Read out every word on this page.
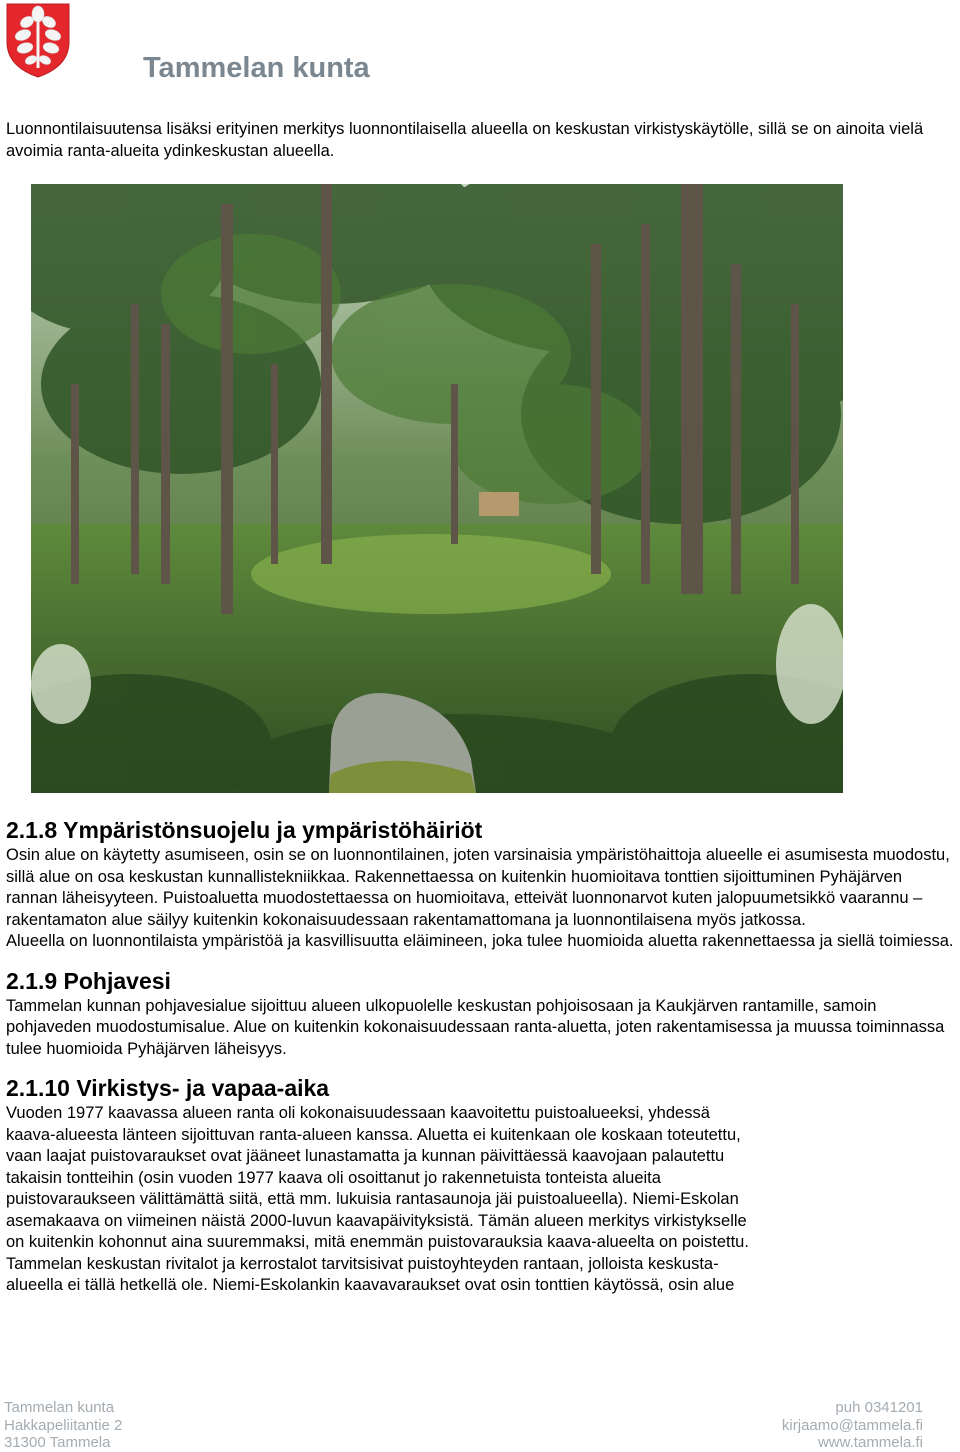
Tammelan kunta

Luonnontilaisuutensa lisäksi erityinen merkitys luonnontilaisella alueella on keskustan virkistyskäytölle, sillä se on ainoita vielä avoimia ranta-alueita ydinkeskustan alueella.

2.1.8 Ympäristönsuojelu ja ympäristöhäiriöt

Osin alue on käytetty asumiseen, osin se on luonnontilainen, joten varsinaisia ympäristöhaittoja alueelle ei asumisesta muodostu, sillä alue on osa keskustan kunnallistekniikkaa. Rakennettaessa on kuitenkin huomioitava tonttien sijoittuminen Pyhäjärven rannan läheisyyteen. Puistoaluetta muodostettaessa on huomioitava, etteivät luonnonarvot kuten jalopuumetsikkö vaarannu – rakentamaton alue säilyy kuitenkin kokonaisuudessaan rakentamattomana ja luonnontilaisena myös jatkossa.

Alueella on luonnontilaista ympäristöä ja kasvillisuutta eläimineen, joka tulee huomioida aluetta rakennettaessa ja siellä toimiessa.

2.1.9 Pohjavesi

Tammelan kunnan pohjavesialue sijoittuu alueen ulkopuolelle keskustan pohjoisosaan ja Kaukjärven rantamille, samoin pohjaveden muodostumisalue. Alue on kuitenkin kokonaisuudessaan ranta-aluetta, joten rakentamisessa ja muussa toiminnassa tulee huomioida Pyhäjärven läheisyys.

2.1.10 Virkistys- ja vapaa-aika

Vuoden 1977 kaavassa alueen ranta oli kokonaisuudessaan kaavoitettu puistoalueeksi, yhdessä

kaava-alueesta länteen sijoittuvan ranta-alueen kanssa. Aluetta ei kuitenkaan ole koskaan toteutettu,

vaan laajat puistovaraukset ovat jääneet lunastamatta ja kunnan päivittäessä kaavojaan palautettu

takaisin tontteihin (osin vuoden 1977 kaava oli osoittanut jo rakennetuista tonteista alueita

puistovaraukseen välittämättä siitä, että mm. lukuisia rantasaunoja jäi puistoalueella). Niemi-Eskolan

asemakaava on viimeinen näistä 2000-luvun kaavapäivityksistä. Tämän alueen merkitys virkistykselle

on kuitenkin kohonnut aina suuremmaksi, mitä enemmän puistovarauksia kaava-alueelta on poistettu.

Tammelan keskustan rivitalot ja kerrostalot tarvitsisivat puistoyhteyden rantaan, jolloista keskusta-

alueella ei tällä hetkellä ole. Niemi-Eskolankin kaavavaraukset ovat osin tonttien käytössä, osin alue

Tammelan kunta
Hakkapeliitantie 2
31300 Tammela
puh 0341201
kirjaamo@tammela.fi
www.tammela.fi
